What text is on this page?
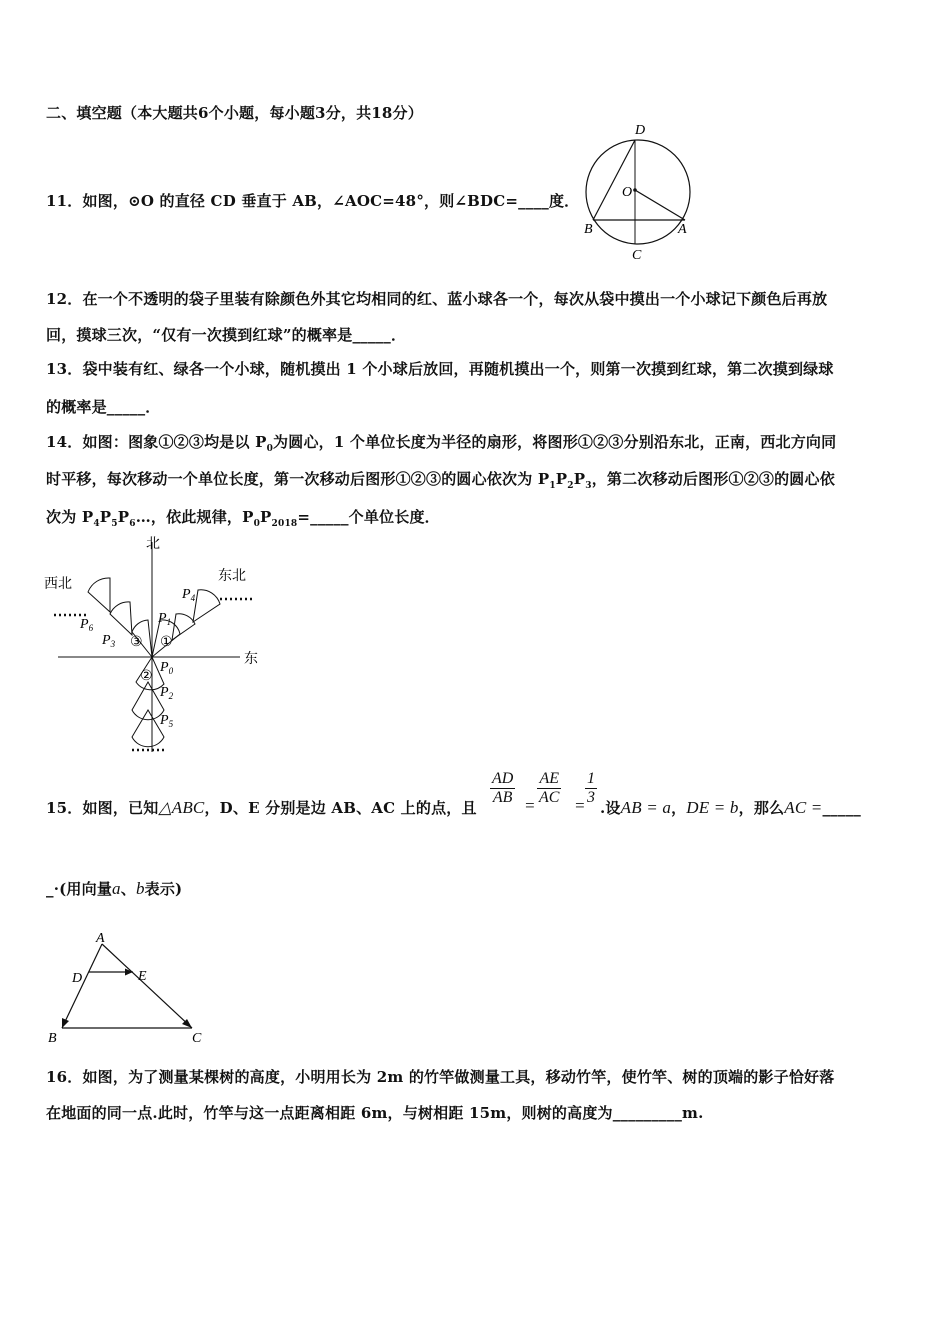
二、填空题（本大题共6个小题，每小题3分，共18分）
11．如图，⊙O 的直径 CD 垂直于 AB，∠AOC=48°，则∠BDC=____度．
D
O
B	A
C
12．在一个不透明的袋子里装有除颜色外其它均相同的红、蓝小球各一个，每次从袋中摸出一个小球记下颜色后再放
回，摸球三次，“仅有一次摸到红球”的概率是_____．
13．袋中装有红、绿各一个小球，随机摸出 1 个小球后放回，再随机摸出一个，则第一次摸到红球，第二次摸到绿球
的概率是_____．
14．如图：图象①②③均是以 $P_0$为圆心，1 个单位长度为半径的扇形，将图形①②③分别沿东北，正南，西北方向同
时平移，每次移动一个单位长度，第一次移动后图形①②③的圆心依次为 $P_1P_2P_3$，第二次移动后图形①②③的圆心依
次为 $P_4P_5P_6\dots$，依此规律，$P_0P_{2018}=\_\_\_\_\_$个单位长度．
北
东
东北
西北
①
②
③
$P_0$
$P_1$
$P_4$
$P_3$
$P_6$
$P_2$
$P_5$
15．如图，已知△ABC，D、E 分别是边 AB、AC 上的点，且
$\frac{AD}{AB} = \frac{AE}{AC} = \frac{1}{3}$
.设AB = a，DE = b，那么AC =_____
_·(用向量a、b表示)
A
D	E
B	C
16．如图，为了测量某棵树的高度，小明用长为 2m 的竹竿做测量工具，移动竹竿，使竹竿、树的顶端的影子恰好落
在地面的同一点.此时，竹竿与这一点距离相距 6m，与树相距 15m，则树的高度为_________m.
